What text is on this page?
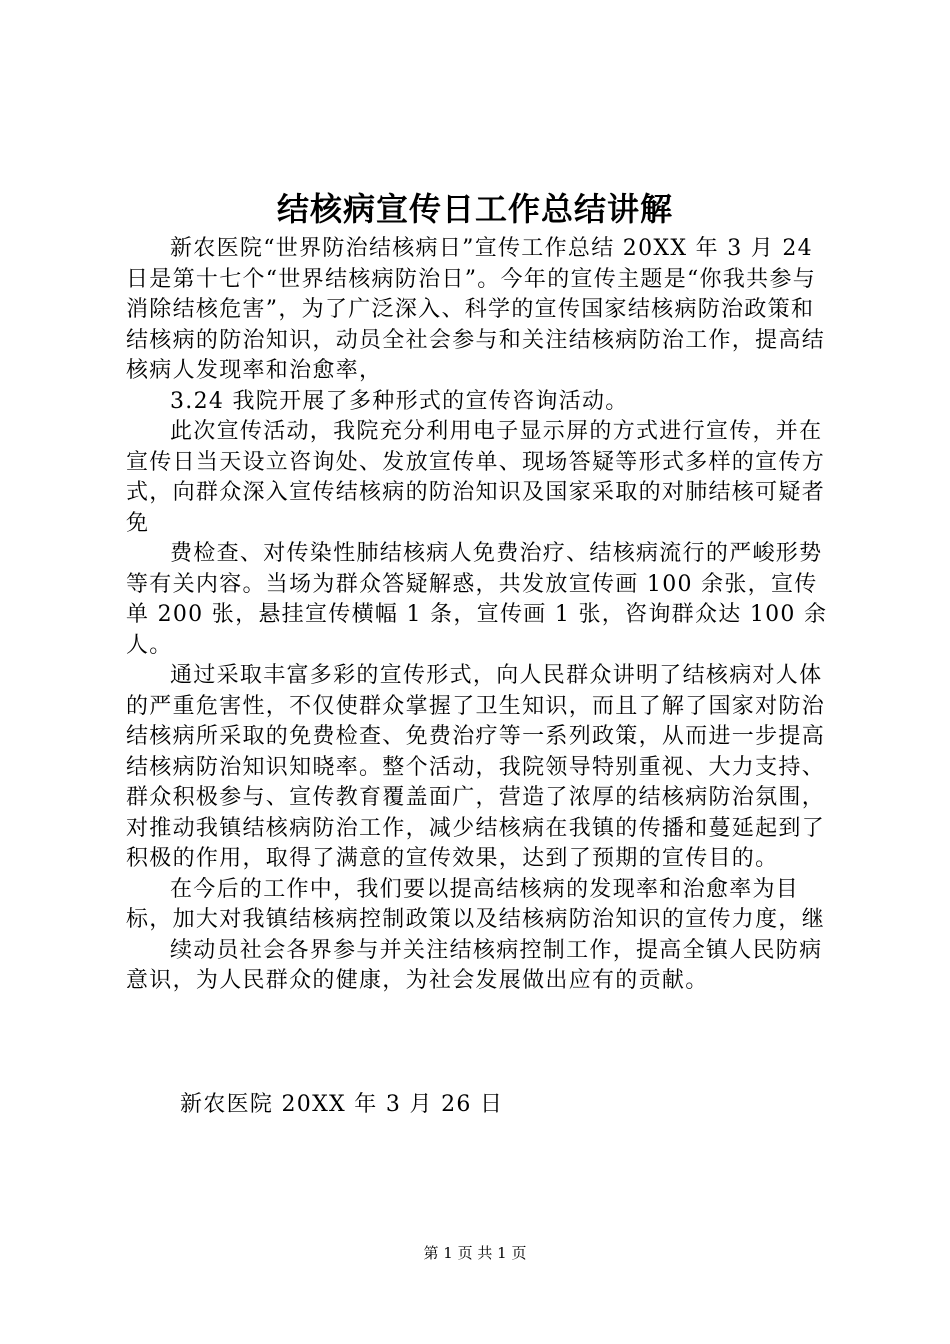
结核病宣传日工作总结讲解

新农医院“世界防治结核病日”宣传工作总结 20XX 年 3 月 24 日是第十七个“世界结核病防治日”。今年的宣传主题是“你我共参与消除结核危害”，为了广泛深入、科学的宣传国家结核病防治政策和结核病的防治知识，动员全社会参与和关注结核病防治工作，提高结核病人发现率和治愈率，

3.24 我院开展了多种形式的宣传咨询活动。

此次宣传活动，我院充分利用电子显示屏的方式进行宣传，并在宣传日当天设立咨询处、发放宣传单、现场答疑等形式多样的宣传方式，向群众深入宣传结核病的防治知识及国家采取的对肺结核可疑者免

费检查、对传染性肺结核病人免费治疗、结核病流行的严峻形势等有关内容。当场为群众答疑解惑，共发放宣传画 100 余张，宣传单 200 张，悬挂宣传横幅 1 条，宣传画 1 张，咨询群众达 100 余人。

通过采取丰富多彩的宣传形式，向人民群众讲明了结核病对人体的严重危害性，不仅使群众掌握了卫生知识，而且了解了国家对防治结核病所采取的免费检查、免费治疗等一系列政策，从而进一步提高结核病防治知识知晓率。整个活动，我院领导特别重视、大力支持、群众积极参与、宣传教育覆盖面广，营造了浓厚的结核病防治氛围，对推动我镇结核病防治工作，减少结核病在我镇的传播和蔓延起到了积极的作用，取得了满意的宣传效果，达到了预期的宣传目的。

在今后的工作中，我们要以提高结核病的发现率和治愈率为目标，加大对我镇结核病控制政策以及结核病防治知识的宣传力度，继

续动员社会各界参与并关注结核病控制工作，提高全镇人民防病意识，为人民群众的健康，为社会发展做出应有的贡献。

新农医院 20XX 年 3 月 26 日
第 1 页 共 1 页
